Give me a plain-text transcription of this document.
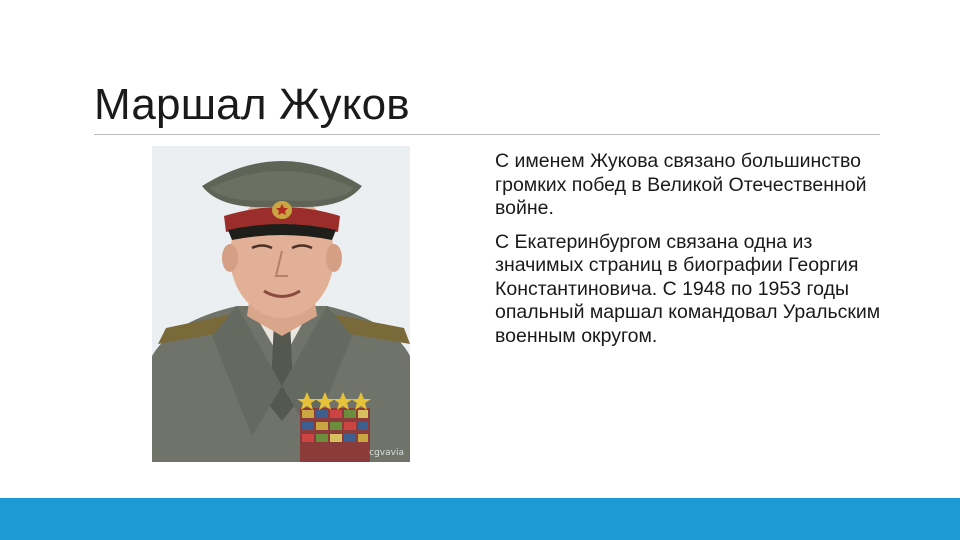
Маршал Жуков
cgvavia

С именем Жукова связано большинство громких побед в Великой Отечественной войне.

С Екатеринбургом связана одна из значимых страниц в биографии Георгия Константиновича. С 1948 по 1953 годы опальный маршал командовал Уральским военным округом.
